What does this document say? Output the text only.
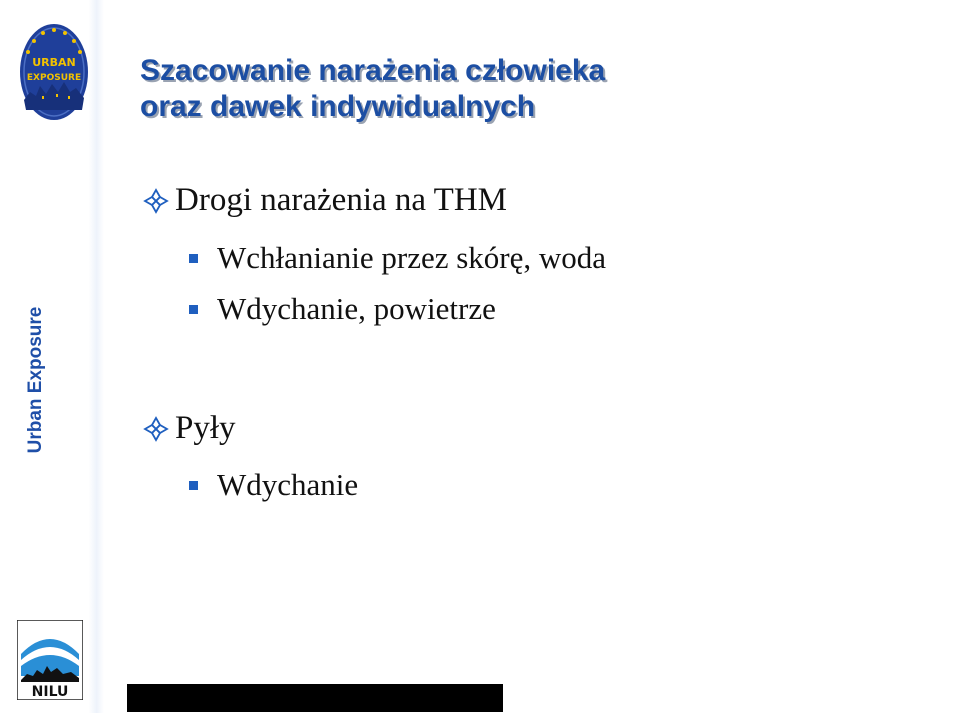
URBAN
EXPOSURE
Urban Exposure
NILU
Szacowanie narażenia człowieka
oraz dawek indywidualnych
Drogi narażenia na THM
Wchłanianie przez skórę, woda
Wdychanie, powietrze
Pyły
Wdychanie
